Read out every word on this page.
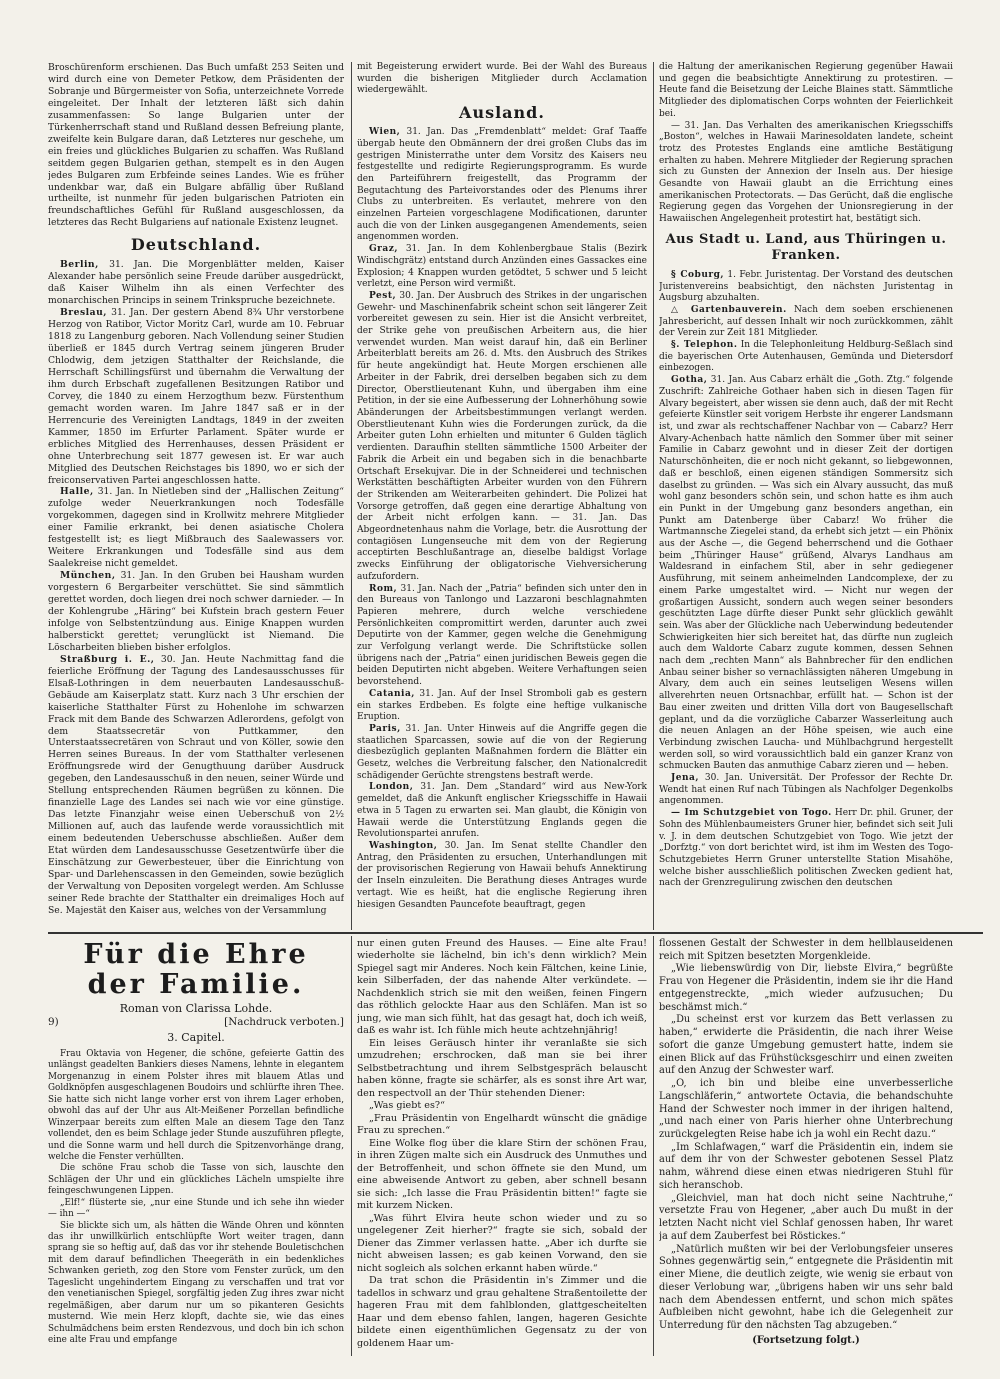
Broschürenform erschienen. Das Buch umfaßt 253 Seiten und wird durch eine von Demeter Petkow, dem Präsidenten der Sobranje und Bürgermeister von Sofia, unterzeichnete Vorrede eingeleitet. Der Inhalt der letzteren läßt sich dahin zusammenfassen: So lange Bulgarien unter der Türkenherrschaft stand und Rußland dessen Befreiung plante, zweifelte kein Bulgare daran, daß Letzteres nur geschehe, um ein freies und glückliches Bulgarien zu schaffen. Was Rußland seitdem gegen Bulgarien gethan, stempelt es in den Augen jedes Bulgaren zum Erbfeinde seines Landes. Wie es früher undenkbar war, daß ein Bulgare abfällig über Rußland urtheilte, ist nunmehr für jeden bulgarischen Patrioten ein freundschaftliches Gefühl für Rußland ausgeschlossen, da letzteres das Recht Bulgariens auf nationale Existenz leugnet.

Deutschland.

Berlin, 31. Jan. Die Morgenblätter melden, Kaiser Alexander habe persönlich seine Freude darüber ausgedrückt, daß Kaiser Wilhelm ihn als einen Verfechter des monarchischen Princips in seinem Trinkspruche bezeichnete.

Breslau, 31. Jan. Der gestern Abend 8¾ Uhr verstorbene Herzog von Ratibor, Victor Moritz Carl, wurde am 10. Februar 1818 zu Langenburg geboren. Nach Vollendung seiner Studien überließ er 1845 durch Vertrag seinem jüngeren Bruder Chlodwig, dem jetzigen Statthalter der Reichslande, die Herrschaft Schillingsfürst und übernahm die Verwaltung der ihm durch Erbschaft zugefallenen Besitzungen Ratibor und Corvey, die 1840 zu einem Herzogthum bezw. Fürstenthum gemacht worden waren. Im Jahre 1847 saß er in der Herrencurie des Vereinigten Landtags, 1849 in der zweiten Kammer, 1850 im Erfurter Parlament. Später wurde er erbliches Mitglied des Herrenhauses, dessen Präsident er ohne Unterbrechung seit 1877 gewesen ist. Er war auch Mitglied des Deutschen Reichstages bis 1890, wo er sich der freiconservativen Partei angeschlossen hatte.

Halle, 31. Jan. In Nietleben sind der „Hallischen Zeitung“ zufolge weder Neuerkrankungen noch Todesfälle vorgekommen, dagegen sind in Krollwitz mehrere Mitglieder einer Familie erkrankt, bei denen asiatische Cholera festgestellt ist; es liegt Mißbrauch des Saalewassers vor. Weitere Erkrankungen und Todesfälle sind aus dem Saalekreise nicht gemeldet.

München, 31. Jan. In den Gruben bei Hausham wurden vorgestern 6 Bergarbeiter verschüttet. Sie sind sämmtlich gerettet worden, doch liegen drei noch schwer darnieder. — In der Kohlengrube „Häring“ bei Kufstein brach gestern Feuer infolge von Selbstentzündung aus. Einige Knappen wurden halberstickt gerettet; verunglückt ist Niemand. Die Löscharbeiten blieben bisher erfolglos.

Straßburg i. E., 30. Jan. Heute Nachmittag fand die feierliche Eröffnung der Tagung des Landesausschusses für Elsaß-Lothringen in dem neuerbauten Landesausschuß-Gebäude am Kaiserplatz statt. Kurz nach 3 Uhr erschien der kaiserliche Statthalter Fürst zu Hohenlohe im schwarzen Frack mit dem Bande des Schwarzen Adlerordens, gefolgt von dem Staatssecretär von Puttkammer, den Unterstaatssecretären von Schraut und von Köller, sowie den Herren seines Bureaus. In der vom Statthalter verlesenen Eröffnungsrede wird der Genugthuung darüber Ausdruck gegeben, den Landesausschuß in den neuen, seiner Würde und Stellung entsprechenden Räumen begrüßen zu können. Die finanzielle Lage des Landes sei nach wie vor eine günstige. Das letzte Finanzjahr weise einen Ueberschuß von 2½ Millionen auf, auch das laufende werde voraussichtlich mit einem bedeutenden Ueberschusse abschließen. Außer dem Etat würden dem Landesausschusse Gesetzentwürfe über die Einschätzung zur Gewerbesteuer, über die Einrichtung von Spar- und Darlehenscassen in den Gemeinden, sowie bezüglich der Verwaltung von Depositen vorgelegt werden. Am Schlusse seiner Rede brachte der Statthalter ein dreimaliges Hoch auf Se. Majestät den Kaiser aus, welches von der Versammlung

mit Begeisterung erwidert wurde. Bei der Wahl des Bureaus wurden die bisherigen Mitglieder durch Acclamation wiedergewählt.

Ausland.

Wien, 31. Jan. Das „Fremdenblatt“ meldet: Graf Taaffe übergab heute den Obmännern der drei großen Clubs das im gestrigen Ministerrathe unter dem Vorsitz des Kaisers neu festgestellte und redigirte Regierungsprogramm. Es wurde den Parteiführern freigestellt, das Programm der Begutachtung des Parteivorstandes oder des Plenums ihrer Clubs zu unterbreiten. Es verlautet, mehrere von den einzelnen Parteien vorgeschlagene Modificationen, darunter auch die von der Linken ausgegangenen Amendements, seien angenommen worden.

Graz, 31. Jan. In dem Kohlenbergbaue Stalis (Bezirk Windischgrätz) entstand durch Anzünden eines Gassackes eine Explosion; 4 Knappen wurden getödtet, 5 schwer und 5 leicht verletzt, eine Person wird vermißt.

Pest, 30. Jan. Der Ausbruch des Strikes in der ungarischen Gewehr- und Maschinenfabrik scheint schon seit längerer Zeit vorbereitet gewesen zu sein. Hier ist die Ansicht verbreitet, der Strike gehe von preußischen Arbeitern aus, die hier verwendet wurden. Man weist darauf hin, daß ein Berliner Arbeiterblatt bereits am 26. d. Mts. den Ausbruch des Strikes für heute angekündigt hat. Heute Morgen erschienen alle Arbeiter in der Fabrik, drei derselben begaben sich zu dem Director, Oberstlieutenant Kuhn, und übergaben ihm eine Petition, in der sie eine Aufbesserung der Lohnerhöhung sowie Abänderungen der Arbeitsbestimmungen verlangt werden. Oberstlieutenant Kuhn wies die Forderungen zurück, da die Arbeiter guten Lohn erhielten und mitunter 6 Gulden täglich verdienten. Daraufhin stellten sämmtliche 1500 Arbeiter der Fabrik die Arbeit ein und begaben sich in die benachbarte Ortschaft Ersekujvar. Die in der Schneiderei und technischen Werkstätten beschäftigten Arbeiter wurden von den Führern der Strikenden am Weiterarbeiten gehindert. Die Polizei hat Vorsorge getroffen, daß gegen eine derartige Abhaltung von der Arbeit nicht erfolgen kann. — 31. Jan. Das Abgeordnetenhaus nahm die Vorlage, betr. die Ausrottung der contagiösen Lungenseuche mit dem von der Regierung acceptirten Beschlußantrage an, dieselbe baldigst Vorlage zwecks Einführung der obligatorische Viehversicherung aufzufordern.

Rom, 31. Jan. Nach der „Patria“ befinden sich unter den in den Bureaus von Tanlongo und Lazzaroni beschlagnahmten Papieren mehrere, durch welche verschiedene Persönlichkeiten compromittirt werden, darunter auch zwei Deputirte von der Kammer, gegen welche die Genehmigung zur Verfolgung verlangt werde. Die Schriftstücke sollen übrigens nach der „Patria“ einen juridischen Beweis gegen die beiden Deputirten nicht abgeben. Weitere Verhaftungen seien bevorstehend.

Catania, 31. Jan. Auf der Insel Stromboli gab es gestern ein starkes Erdbeben. Es folgte eine heftige vulkanische Eruption.

Paris, 31. Jan. Unter Hinweis auf die Angriffe gegen die staatlichen Sparcassen, sowie auf die von der Regierung diesbezüglich geplanten Maßnahmen fordern die Blätter ein Gesetz, welches die Verbreitung falscher, den Nationalcredit schädigender Gerüchte strengstens bestraft werde.

London, 31. Jan. Dem „Standard“ wird aus New-York gemeldet, daß die Ankunft englischer Kriegsschiffe in Hawaii etwa in 5 Tagen zu erwarten sei. Man glaubt, die Königin von Hawaii werde die Unterstützung Englands gegen die Revolutionspartei anrufen.

Washington, 30. Jan. Im Senat stellte Chandler den Antrag, den Präsidenten zu ersuchen, Unterhandlungen mit der provisorischen Regierung von Hawaii behufs Annektirung der Inseln einzuleiten. Die Berathung dieses Antrages wurde vertagt. Wie es heißt, hat die englische Regierung ihren hiesigen Gesandten Pauncefote beauftragt, gegen

die Haltung der amerikanischen Regierung gegenüber Hawaii und gegen die beabsichtigte Annektirung zu protestiren. — Heute fand die Beisetzung der Leiche Blaines statt. Sämmtliche Mitglieder des diplomatischen Corps wohnten der Feierlichkeit bei.

— 31. Jan. Das Verhalten des amerikanischen Kriegsschiffs „Boston“, welches in Hawaii Marinesoldaten landete, scheint trotz des Protestes Englands eine amtliche Bestätigung erhalten zu haben. Mehrere Mitglieder der Regierung sprachen sich zu Gunsten der Annexion der Inseln aus. Der hiesige Gesandte von Hawaii glaubt an die Errichtung eines amerikanischen Protectorats. — Das Gerücht, daß die englische Regierung gegen das Vorgehen der Unionsregierung in der Hawaiischen Angelegenheit protestirt hat, bestätigt sich.

Aus Stadt u. Land, aus Thüringen u. Franken.

§ Coburg, 1. Febr. Juristentag. Der Vorstand des deutschen Juristenvereins beabsichtigt, den nächsten Juristentag in Augsburg abzuhalten.

△ Gartenbauverein. Nach dem soeben erschienenen Jahresbericht, auf dessen Inhalt wir noch zurückkommen, zählt der Verein zur Zeit 181 Mitglieder.

§. Telephon. In die Telephonleitung Heldburg-Seßlach sind die bayerischen Orte Autenhausen, Gemünda und Dietersdorf einbezogen.

Gotha, 31. Jan. Aus Cabarz erhält die „Goth. Ztg.“ folgende Zuschrift: Zahlreiche Gothaer haben sich in diesen Tagen für Alvary begeistert, aber wissen sie denn auch, daß der mit Recht gefeierte Künstler seit vorigem Herbste ihr engerer Landsmann ist, und zwar als rechtschaffener Nachbar von — Cabarz? Herr Alvary-Achenbach hatte nämlich den Sommer über mit seiner Familie in Cabarz gewohnt und in dieser Zeit der dortigen Naturschönheiten, die er noch nicht gekannt, so liebgewonnen, daß er beschloß, einen eigenen ständigen Sommersitz sich daselbst zu gründen. — Was sich ein Alvary aussucht, das muß wohl ganz besonders schön sein, und schon hatte es ihm auch ein Punkt in der Umgebung ganz besonders angethan, ein Punkt am Datenberge über Cabarz! Wo früher die Wartmannsche Ziegelei stand, da erhebt sich jetzt — ein Phönix aus der Asche —, die Gegend beherrschend und die Gothaer beim „Thüringer Hause“ grüßend, Alvarys Landhaus am Waldesrand in einfachem Stil, aber in sehr gediegener Ausführung, mit seinem anheimelnden Landcomplexe, der zu einem Parke umgestaltet wird. — Nicht nur wegen der großartigen Aussicht, sondern auch wegen seiner besonders geschützten Lage dürfte dieser Punkt sehr glücklich gewählt sein. Was aber der Glückliche nach Ueberwindung bedeutender Schwierigkeiten hier sich bereitet hat, das dürfte nun zugleich auch dem Waldorte Cabarz zugute kommen, dessen Sehnen nach dem „rechten Mann“ als Bahnbrecher für den endlichen Anbau seiner bisher so vernachlässigten näheren Umgebung in Alvary, dem auch ein seines leutseligen Wesens willen allverehrten neuen Ortsnachbar, erfüllt hat. — Schon ist der Bau einer zweiten und dritten Villa dort von Baugesellschaft geplant, und da die vorzügliche Cabarzer Wasserleitung auch die neuen Anlagen an der Höhe speisen, wie auch eine Verbindung zwischen Laucha- und Mühlbachgrund hergestellt werden soll, so wird voraussichtlich bald ein ganzer Kranz von schmucken Bauten das anmuthige Cabarz zieren und — heben.

Jena, 30. Jan. Universität. Der Professor der Rechte Dr. Wendt hat einen Ruf nach Tübingen als Nachfolger Degenkolbs angenommen.

— Im Schutzgebiet von Togo. Herr Dr. phil. Gruner, der Sohn des Mühlenbaumeisters Gruner hier, befindet sich seit Juli v. J. in dem deutschen Schutzgebiet von Togo. Wie jetzt der „Dorfztg.“ von dort berichtet wird, ist ihm im Westen des Togo-Schutzgebietes Herrn Gruner unterstellte Station Misahöhe, welche bisher ausschließlich politischen Zwecken gedient hat, nach der Grenzregulirung zwischen den deutschen

Für die Ehre der Familie.
Roman von Clarissa Lohde.
9)	[Nachdruck verboten.]
3. Capitel.

Frau Oktavia von Hegener, die schöne, gefeierte Gattin des unlängst geadelten Bankiers dieses Namens, lehnte in elegantem Morgenanzug in einem Polster ihres mit blauem Atlas und Goldknöpfen ausgeschlagenen Boudoirs und schlürfte ihren Thee. Sie hatte sich nicht lange vorher erst von ihrem Lager erhoben, obwohl das auf der Uhr aus Alt-Meißener Porzellan befindliche Winzerpaar bereits zum elften Male an diesem Tage den Tanz vollendet, den es beim Schlage jeder Stunde auszuführen pflegte, und die Sonne warm und hell durch die Spitzenvorhänge drang, welche die Fenster verhüllten.

Die schöne Frau schob die Tasse von sich, lauschte den Schlägen der Uhr und ein glückliches Lächeln umspielte ihre feingeschwungenen Lippen.

„Elf!“ flüsterte sie, „nur eine Stunde und ich sehe ihn wieder — ihn —“

Sie blickte sich um, als hätten die Wände Ohren und könnten das ihr unwillkürlich entschlüpfte Wort weiter tragen, dann sprang sie so heftig auf, daß das vor ihr stehende Bouletischchen mit dem darauf befindlichen Theegeräth in ein bedenkliches Schwanken gerieth, zog den Store vom Fenster zurück, um den Tageslicht ungehindertem Eingang zu verschaffen und trat vor den venetianischen Spiegel, sorgfältig jeden Zug ihres zwar nicht regelmäßigen, aber darum nur um so pikanteren Gesichts musternd. Wie mein Herz klopft, dachte sie, wie das eines Schulmädchens beim ersten Rendezvous, und doch bin ich schon eine alte Frau und empfange

nur einen guten Freund des Hauses. — Eine alte Frau! wiederholte sie lächelnd, bin ich's denn wirklich? Mein Spiegel sagt mir Anderes. Noch kein Fältchen, keine Linie, kein Silberfaden, der das nahende Alter verkündete. — Nachdenklich strich sie mit den weißen, feinen Fingern das röthlich gelockte Haar aus den Schläfen. Man ist so jung, wie man sich fühlt, hat das gesagt hat, doch ich weiß, daß es wahr ist. Ich fühle mich heute achtzehnjährig!

Ein leises Geräusch hinter ihr veranlaßte sie sich umzudrehen; erschrocken, daß man sie bei ihrer Selbstbetrachtung und ihrem Selbstgespräch belauscht haben könne, fragte sie schärfer, als es sonst ihre Art war, den respectvoll an der Thür stehenden Diener:

„Was giebt es?“

„Frau Präsidentin von Engelhardt wünscht die gnädige Frau zu sprechen.“

Eine Wolke flog über die klare Stirn der schönen Frau, in ihren Zügen malte sich ein Ausdruck des Unmuthes und der Betroffenheit, und schon öffnete sie den Mund, um eine abweisende Antwort zu geben, aber schnell besann sie sich: „Ich lasse die Frau Präsidentin bitten!“ fagte sie mit kurzem Nicken.

„Was führt Elvira heute schon wieder und zu so ungelegener Zeit hierher?“ fragte sie sich, sobald der Diener das Zimmer verlassen hatte. „Aber ich durfte sie nicht abweisen lassen; es gab keinen Vorwand, den sie nicht sogleich als solchen erkannt haben würde.“

Da trat schon die Präsidentin in's Zimmer und die tadellos in schwarz und grau gehaltene Straßentoilette der hageren Frau mit dem fahlblonden, glattgescheitelten Haar und dem ebenso fahlen, langen, hageren Gesichte bildete einen eigenthümlichen Gegensatz zu der von goldenem Haar um-

flossenen Gestalt der Schwester in dem hellblauseidenen reich mit Spitzen besetzten Morgenkleide.

„Wie liebenswürdig von Dir, liebste Elvira,“ begrüßte Frau von Hegener die Präsidentin, indem sie ihr die Hand entgegenstreckte, „mich wieder aufzusuchen; Du beschämst mich.“

„Du scheinst erst vor kurzem das Bett verlassen zu haben,“ erwiderte die Präsidentin, die nach ihrer Weise sofort die ganze Umgebung gemustert hatte, indem sie einen Blick auf das Frühstücksgeschirr und einen zweiten auf den Anzug der Schwester warf.

„O, ich bin und bleibe eine unverbesserliche Langschläferin,“ antwortete Octavia, die behandschuhte Hand der Schwester noch immer in der ihrigen haltend, „und nach einer von Paris hierher ohne Unterbrechung zurückgelegten Reise habe ich ja wohl ein Recht dazu.“

„Im Schlafwagen,“ warf die Präsidentin ein, indem sie auf dem ihr von der Schwester gebotenen Sessel Platz nahm, während diese einen etwas niedrigeren Stuhl für sich heranschob.

„Gleichviel, man hat doch nicht seine Nachtruhe,“ versetzte Frau von Hegener, „aber auch Du mußt in der letzten Nacht nicht viel Schlaf genossen haben, Ihr waret ja auf dem Zauberfest bei Röstickes.“

„Natürlich mußten wir bei der Verlobungsfeier unseres Sohnes gegenwärtig sein,“ entgegnete die Präsidentin mit einer Miene, die deutlich zeigte, wie wenig sie erbaut von dieser Verlobung war, „übrigens haben wir uns sehr bald nach dem Abendessen entfernt, und schon mich spätes Aufbleiben nicht gewohnt, habe ich die Gelegenheit zur Unterredung für den nächsten Tag abzugeben.“

(Fortsetzung folgt.)
